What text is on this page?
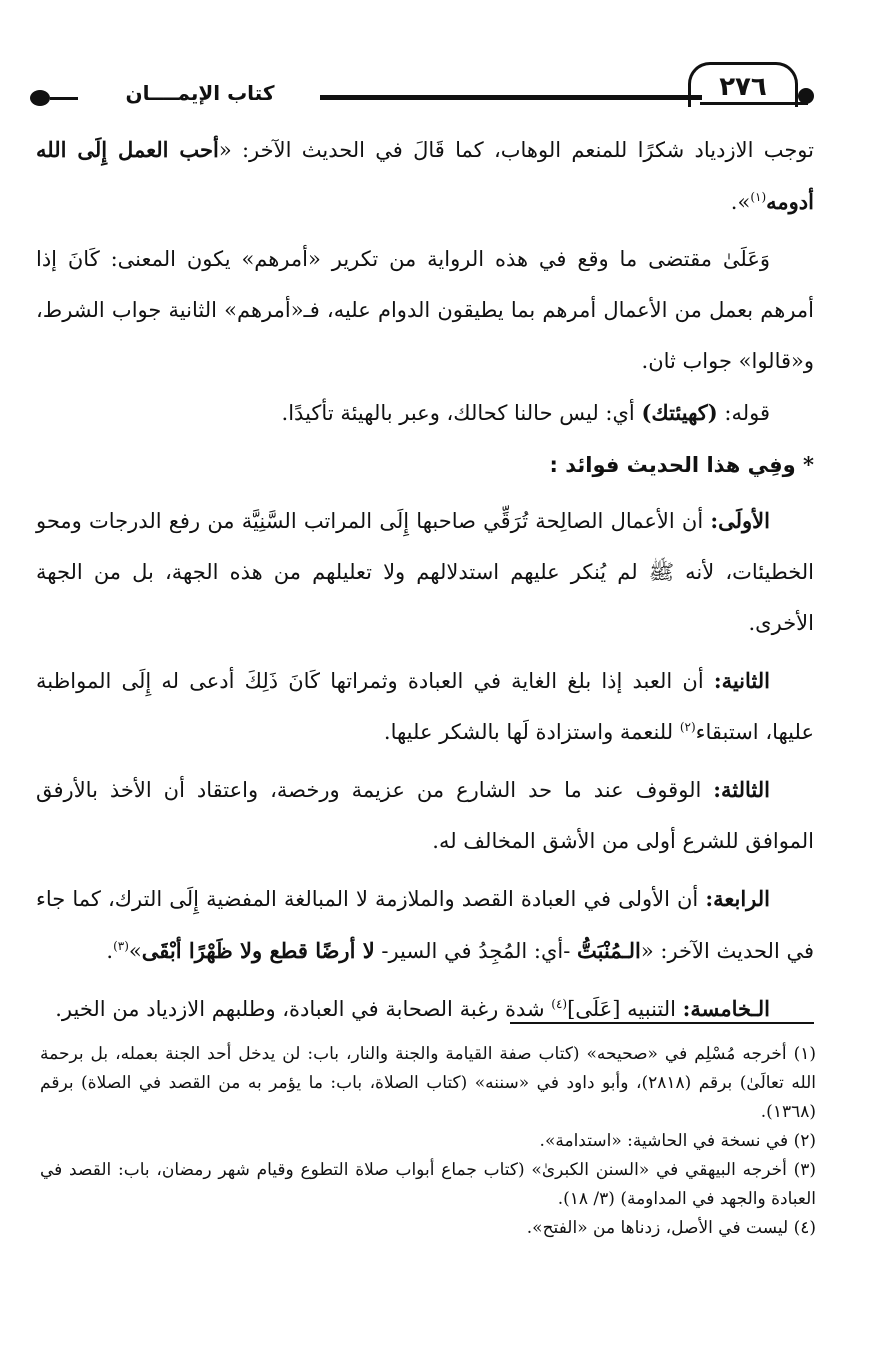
كتاب الإيمــــان	٢٧٦

توجب الازدياد شكرًا للمنعم الوهاب، كما قَالَ في الحديث الآخر: «أحب العمل إِلَى الله أدومه$^{(١)}$».

وَعَلَىٰ مقتضى ما وقع في هذه الرواية من تكرير «أمرهم» يكون المعنى: كَانَ إذا أمرهم بعمل من الأعمال أمرهم بما يطيقون الدوام عليه، فـ«أمرهم» الثانية جواب الشرط، و«قالوا» جواب ثان.

قوله: (كهيئتك) أي: ليس حالنا كحالك، وعبر بالهيئة تأكيدًا.

* وفِي هذا الحديث فوائد :

الأولَى: أن الأعمال الصالِحة تُرَقِّي صاحبها إِلَى المراتب السَّنِيَّة من رفع الدرجات ومحو الخطيئات، لأنه ﷺ لم يُنكر عليهم استدلالهم ولا تعليلهم من هذه الجهة، بل من الجهة الأخرى.

الثانية: أن العبد إذا بلغ الغاية في العبادة وثمراتها كَانَ ذَلِكَ أدعى له إِلَى المواظبة عليها، استبقاء$^{(٢)}$ للنعمة واستزادة لَها بالشكر عليها.

الثالثة: الوقوف عند ما حد الشارع من عزيمة ورخصة، واعتقاد أن الأخذ بالأرفق الموافق للشرع أولى من الأشق المخالف له.

الرابعة: أن الأولى في العبادة القصد والملازمة لا المبالغة المفضية إِلَى الترك، كما جاء في الحديث الآخر: «الـمُنْبَتُّ -أي: المُجِدُ في السير- لا أرضًا قطع ولا ظَهْرًا أبْقَى»$^{(٣)}$.

الـخامسة: التنبيه [عَلَى]$^{(٤)}$ شدة رغبة الصحابة في العبادة، وطلبهم الازدياد من الخير.

(١) أخرجه مُسْلِم في «صحيحه» (كتاب صفة القيامة والجنة والنار، باب: لن يدخل أحد الجنة بعمله، بل برحمة الله تعالَىٰ) برقم (٢٨١٨)، وأبو داود في «سننه» (كتاب الصلاة، باب: ما يؤمر به من القصد في الصلاة) برقم (١٣٦٨).

(٢) في نسخة في الحاشية: «استدامة».

(٣) أخرجه البيهقي في «السنن الكبرىٰ» (كتاب جماع أبواب صلاة التطوع وقيام شهر رمضان، باب: القصد في العبادة والجهد في المداومة) (٣/ ١٨).

(٤) ليست في الأصل، زدناها من «الفتح».
